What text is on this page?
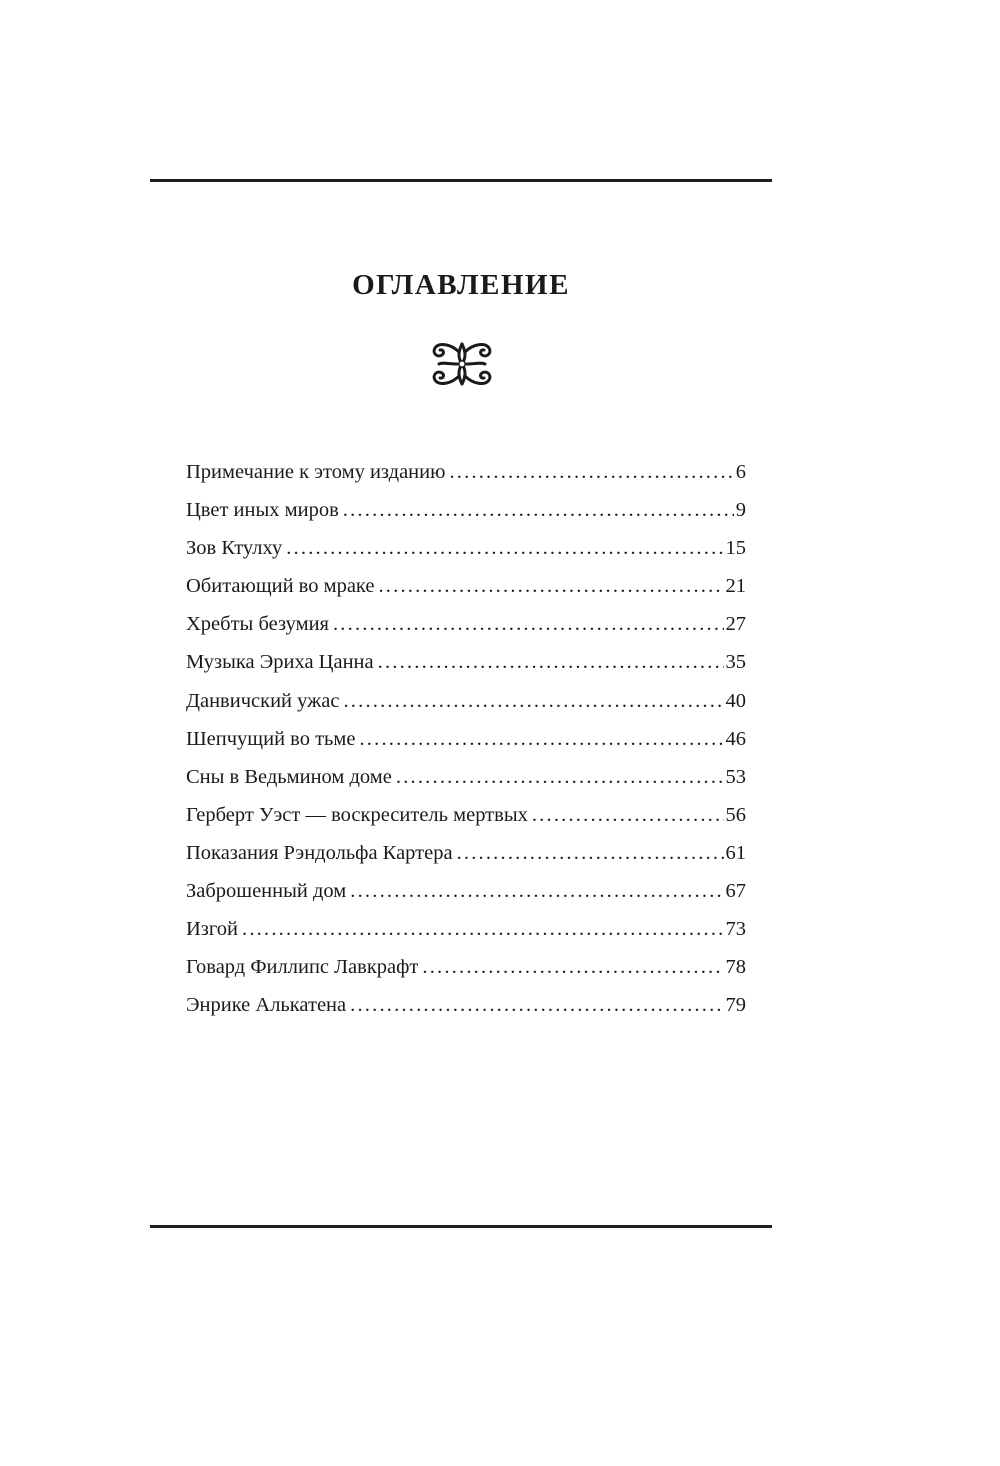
ОГЛАВЛЕНИЕ
Примечание к этому изданию .....	6
Цвет иных миров .....	9
Зов Ктулху .....	15
Обитающий во мраке .....	21
Хребты безумия .....	27
Музыка Эриха Цанна .....	35
Данвичский ужас .....	40
Шепчущий во тьме .....	46
Сны в Ведьмином доме .....	53
Герберт Уэст — воскреситель мертвых .....	56
Показания Рэндольфа Картера .....	61
Заброшенный дом .....	67
Изгой .....	73
Говард Филлипс Лавкрафт .....	78
Энрике Алькатена .....	79
